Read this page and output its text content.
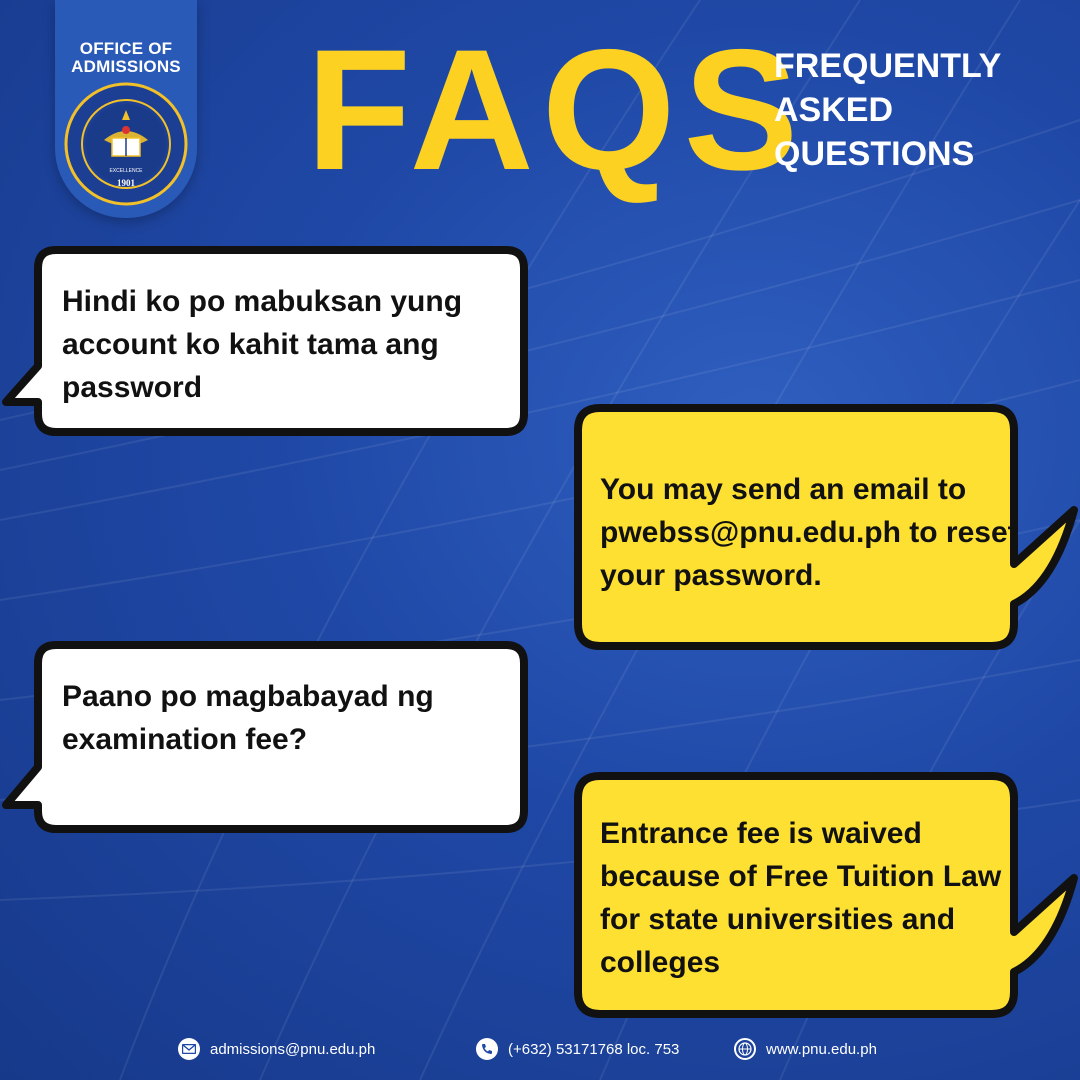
OFFICE OF
ADMISSIONS
1901
EXCELLENCE FAQS
FREQUENTLY
ASKED
QUESTIONS
Hindi ko po mabuksan yung account ko kahit tama ang password
You may send an email to pwebss@pnu.edu.ph to reset your password.
Paano po magbabayad ng examination fee?
Entrance fee is waived because of Free Tuition Law for state universities and colleges
admissions@pnu.edu.ph	(+632) 53171768 loc. 753	www.pnu.edu.ph
